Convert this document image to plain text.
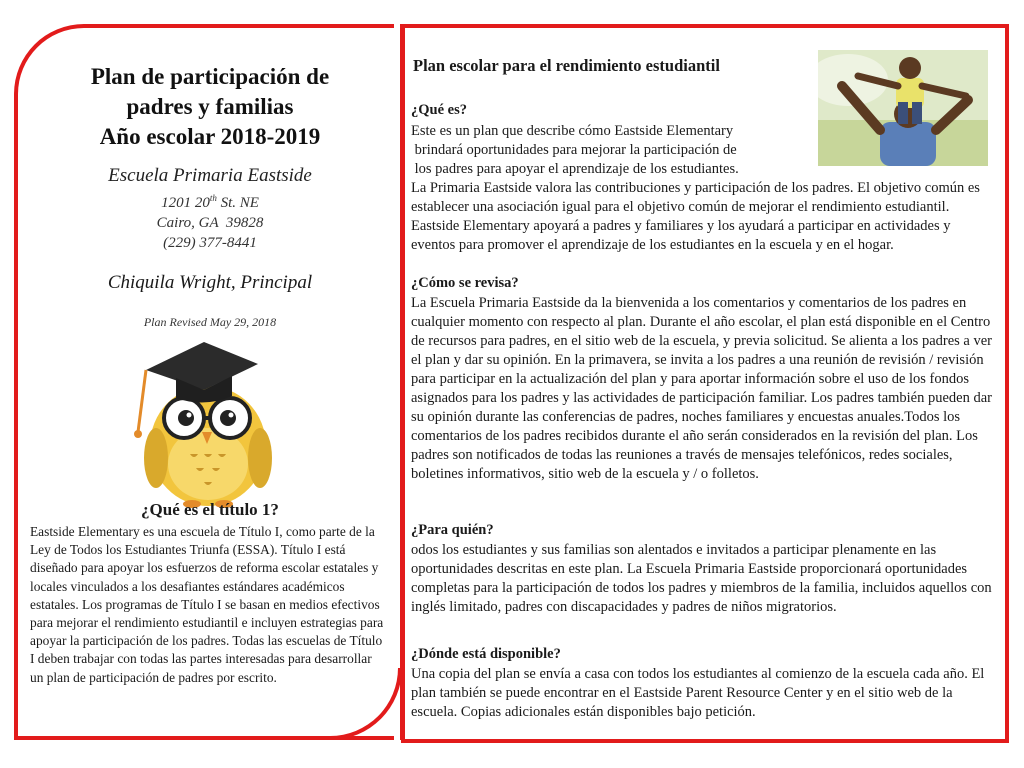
Plan de participación de
padres y familias
Año escolar 2018-2019
Escuela Primaria Eastside
1201 20th St. NE
Cairo, GA  39828
(229) 377-8441
Chiquila Wright, Principal
Plan Revised May 29, 2018
¿Qué es el título 1?
Eastside Elementary es una escuela de Título I, como parte de la Ley de Todos los Estudiantes Triunfa (ESSA). Título I está diseñado para apoyar los esfuerzos de reforma escolar estatales y locales vinculados a los desafiantes estándares académicos estatales. Los programas de Título I se basan en medios efectivos para mejorar el rendimiento estudiantil e incluyen estrategias para apoyar la participación de los padres. Todas las escuelas de Título I deben trabajar con todas las partes interesadas para desarrollar un plan de participación de padres por escrito.
Plan escolar para el rendimiento estudiantil
¿Qué es?
Este es un plan que describe cómo Eastside Elementary
brindará oportunidades para mejorar la participación de
los padres para apoyar el aprendizaje de los estudiantes.
La Primaria Eastside valora las contribuciones y participación de los padres. El objetivo común es establecer una asociación igual para el objetivo común de mejorar el rendimiento estudiantil. Eastside Elementary apoyará a padres y familiares y los ayudará a participar en actividades y eventos para promover el aprendizaje de los estudiantes en la escuela y en el hogar.
¿Cómo se revisa?
La Escuela Primaria Eastside da la bienvenida a los comentarios y comentarios de los padres en cualquier momento con respecto al plan. Durante el año escolar, el plan está disponible en el Centro de recursos para padres, en el sitio web de la escuela, y previa solicitud. Se alienta a los padres a ver el plan y dar su opinión. En la primavera, se invita a los padres a una reunión de revisión / revisión para participar en la actualización del plan y para aportar información sobre el uso de los fondos asignados para los padres y las actividades de participación familiar. Los padres también pueden dar su opinión durante las conferencias de padres, noches familiares y encuestas anuales.Todos los comentarios de los padres recibidos durante el año serán considerados en la revisión del plan. Los padres son notificados de todas las reuniones a través de mensajes telefónicos, redes sociales, boletines informativos, sitio web de la escuela y / o folletos.
¿Para quién?
odos los estudiantes y sus familias son alentados e invitados a participar plenamente en las oportunidades descritas en este plan. La Escuela Primaria Eastside proporcionará oportunidades completas para la participación de todos los padres y miembros de la familia, incluidos aquellos con inglés limitado, padres con discapacidades y padres de niños migratorios.
¿Dónde está disponible?
Una copia del plan se envía a casa con todos los estudiantes al comienzo de la escuela cada año. El plan también se puede encontrar en el Eastside Parent Resource Center y en el sitio web de la escuela. Copias adicionales están disponibles bajo petición.
